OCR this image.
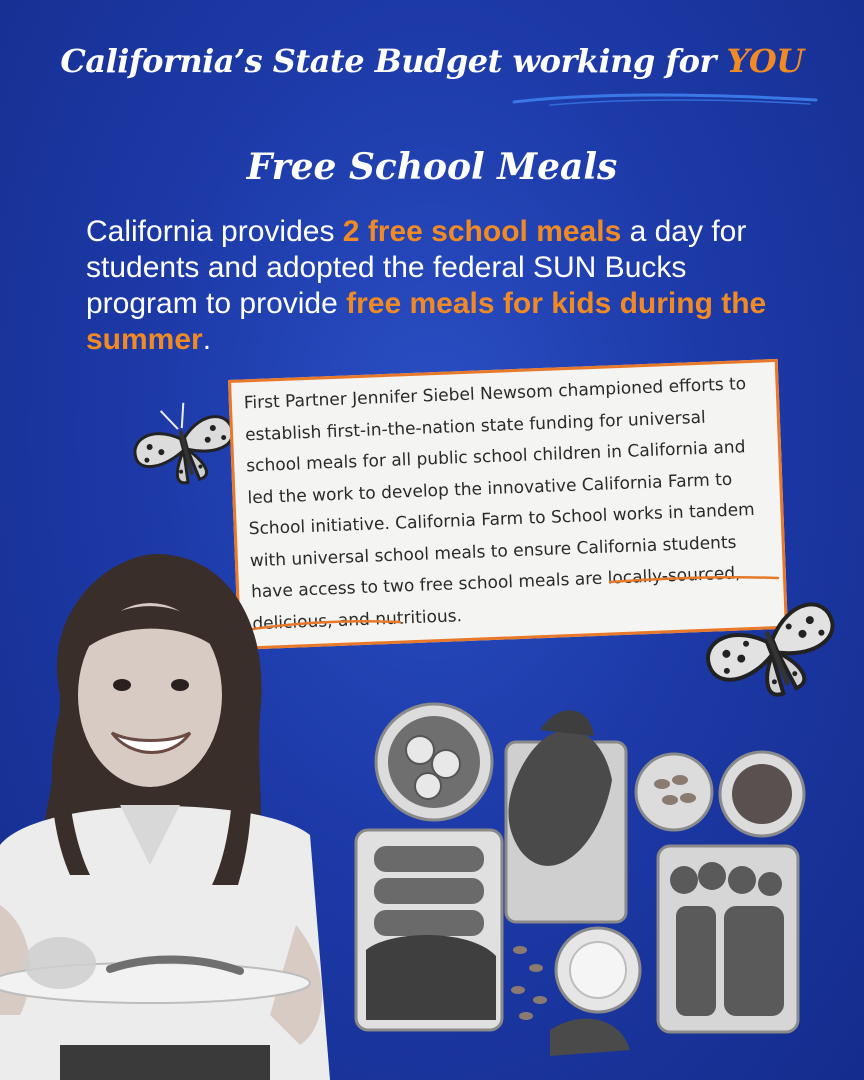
California’s State Budget working for YOU
Free School Meals
California provides 2 free school meals a day for students and adopted the federal SUN Bucks program to provide free meals for kids during the summer.
First Partner Jennifer Siebel Newsom championed efforts to establish first-in-the-nation state funding for universal school meals for all public school children in California and led the work to develop the innovative California Farm to School initiative. California Farm to School works in tandem with universal school meals to ensure California students have access to two free school meals are locally-sourced, delicious, and nutritious.
